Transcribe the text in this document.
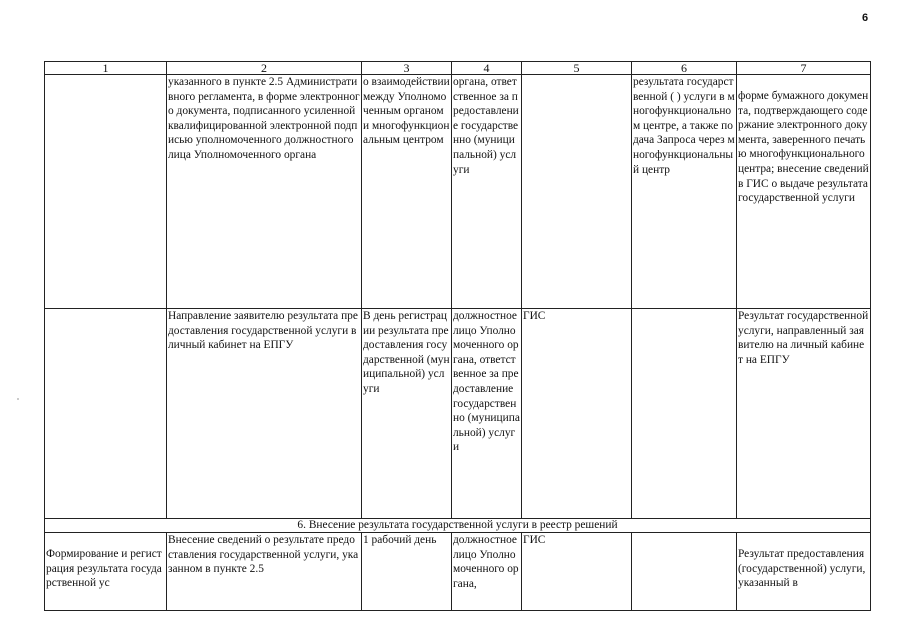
6
1	2	3	4	5	6	7
	указанного в пункте 2.5 Административного регламента, в форме электронного документа, подписанного усиленной квалифицированной электронной подписью уполномоченного должностного лица Уполномоченного органа	о взаимодействии между Уполномоченным органом и многофункциональным центром	органа, ответственное за предоставление государственно (муниципальной) услуги		результата государственной ( ) услуги в многофункциональном центре, а также подача Запроса через многофункциональный центр	форме бумажного документа, подтверждающего содержание электронного документа, заверенного печатью многофункционального центра; внесение сведений в ГИС о выдаче результата государственной услуги

	Направление заявителю результата предоставления государственной услуги в личный кабинет на ЕПГУ	В день регистрации результата предоставления государственной (муниципальной) услуги	должностное лицо Уполномоченного органа, ответственное за предоставление государственно (муниципальной) услуги	ГИС		Результат государственной услуги, направленный заявителю на личный кабинет на ЕПГУ
6. Внесение результата государственной услуги в реестр решений						

Формирование и регистрация результата государственной ус	Внесение сведений о результате предоставления государственной услуги, указанном в пункте 2.5	1 рабочий день	должностное лицо Уполномоченного органа,	ГИС		Результат предоставления (государственной) услуги, указанный в
